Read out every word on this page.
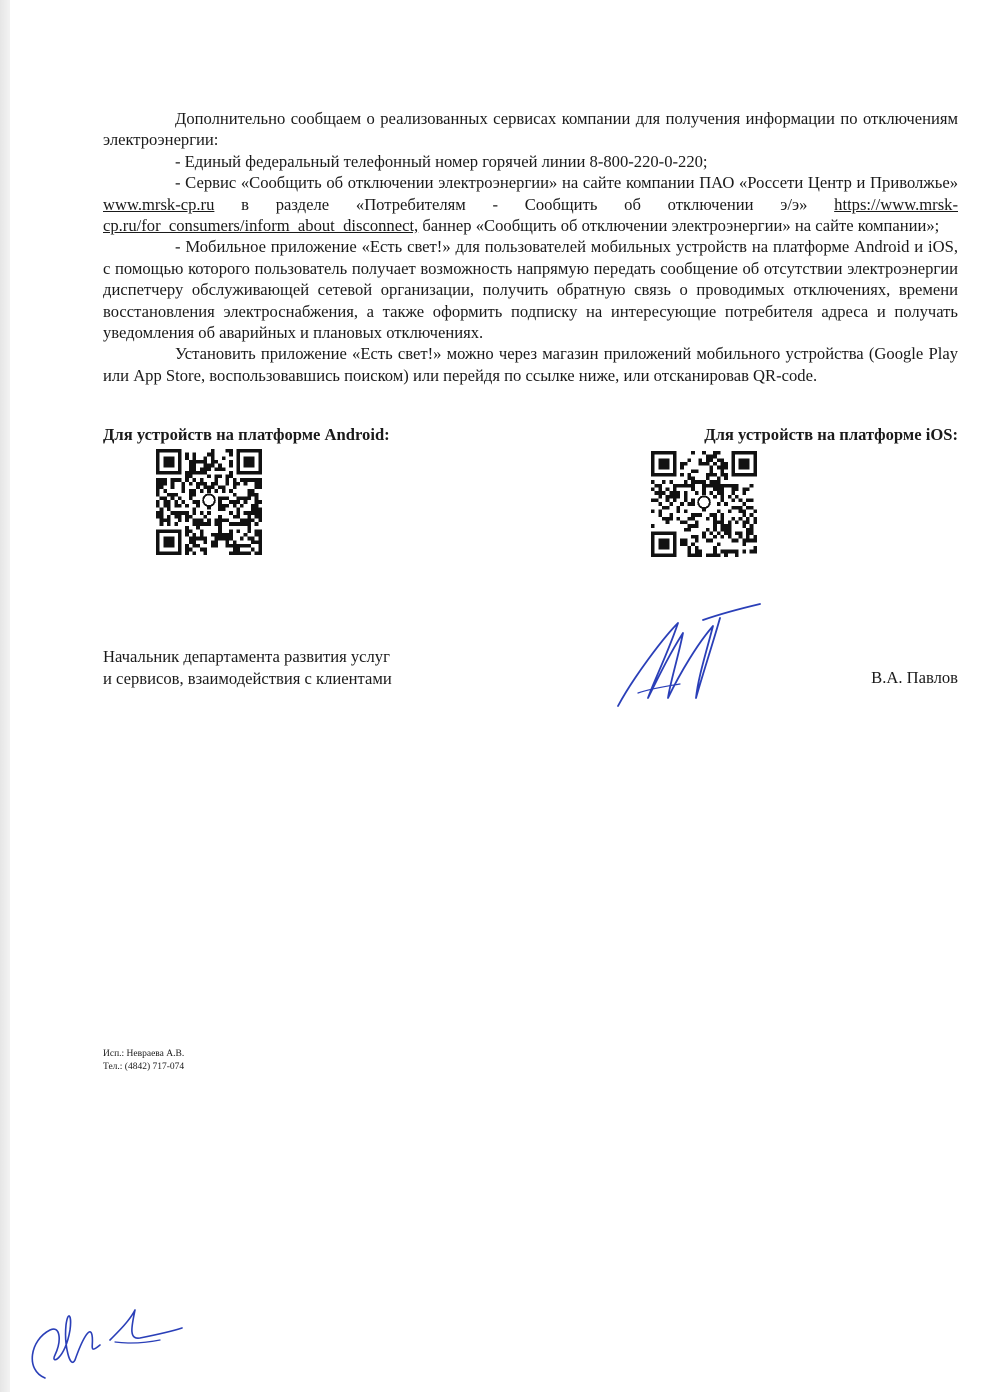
Дополнительно сообщаем о реализованных сервисах компании для получения информации по отключениям электроэнергии:

- Единый федеральный телефонный номер горячей линии 8-800-220-0-220;

- Сервис «Сообщить об отключении электроэнергии» на сайте компании ПАО «Россети Центр и Приволжье» www.mrsk-cp.ru в разделе «Потребителям - Сообщить об отключении э/э» https://www.mrsk-cp.ru/for_consumers/inform_about_disconnect, баннер «Сообщить об отключении электроэнергии» на сайте компании»;

- Мобильное приложение «Есть свет!» для пользователей мобильных устройств на платформе Android и iOS, с помощью которого пользователь получает возможность напрямую передать сообщение об отсутствии электроэнергии диспетчеру обслуживающей сетевой организации, получить обратную связь о проводимых отключениях, времени восстановления электроснабжения, а также оформить подписку на интересующие потребителя адреса и получать уведомления об аварийных и плановых отключениях.

Установить приложение «Есть свет!» можно через магазин приложений мобильного устройства (Google Play или App Store, воспользовавшись поиском) или перейдя по ссылке ниже, или отсканировав QR-code.

Для устройств на платформе Android:	Для устройств на платформе iOS:
Начальник департамента развития услуг
и сервисов, взаимодействия с клиентами	В.А. Павлов
Исп.: Невраева А.В.
Тел.: (4842) 717-074
